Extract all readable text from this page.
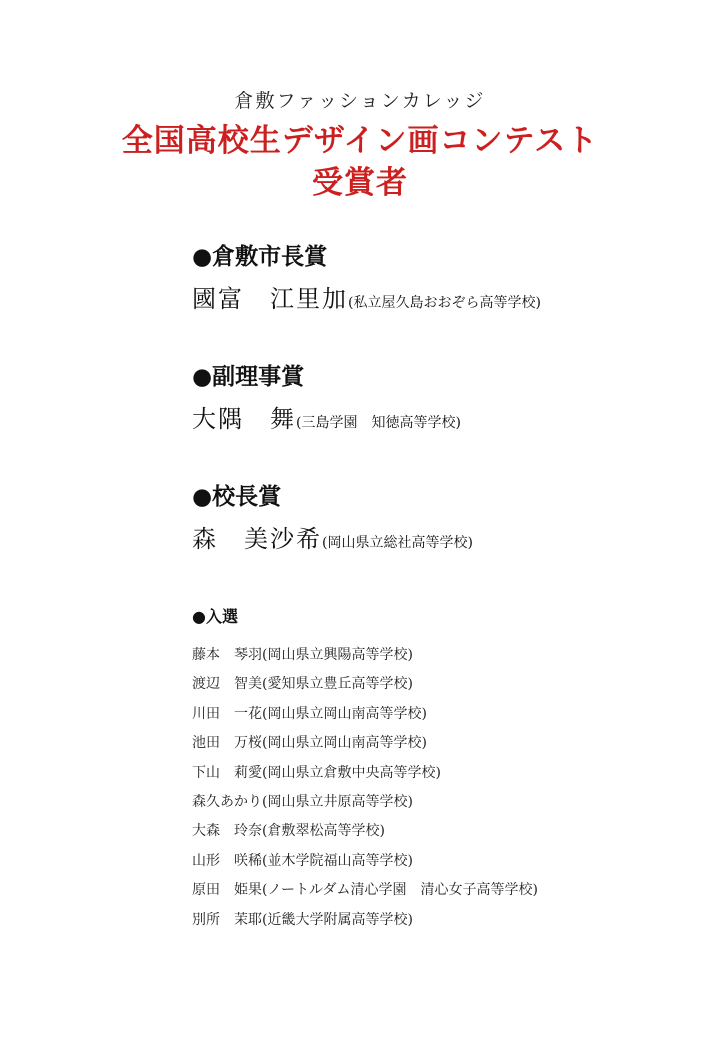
倉敷ファッションカレッジ
全国高校生デザイン画コンテスト
受賞者
●倉敷市長賞
國富　江里加(私立屋久島おおぞら高等学校)
●副理事賞
大隅　舞(三島学園　知徳高等学校)
●校長賞
森　美沙希(岡山県立総社高等学校)
●入選
藤本　琴羽(岡山県立興陽高等学校)
渡辺　智美(愛知県立豊丘高等学校)
川田　一花(岡山県立岡山南高等学校)
池田　万桜(岡山県立岡山南高等学校)
下山　莉愛(岡山県立倉敷中央高等学校)
森久あかり(岡山県立井原高等学校)
大森　玲奈(倉敷翠松高等学校)
山形　咲稀(並木学院福山高等学校)
原田　姫果(ノートルダム清心学園　清心女子高等学校)
別所　茉耶(近畿大学附属高等学校)
